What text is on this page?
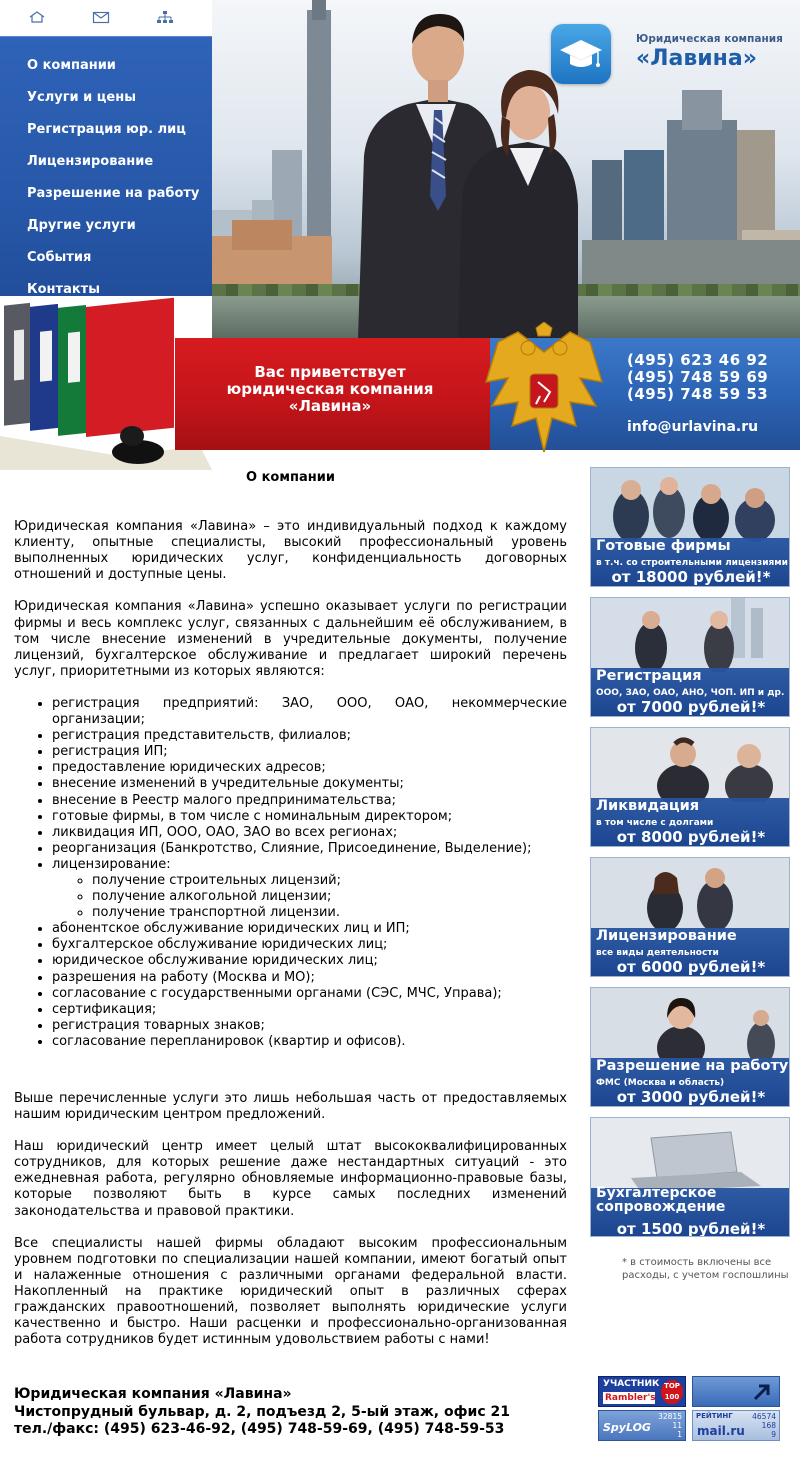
О компании
Услуги и цены
Регистрация юр. лиц
Лицензирование
Разрешение на работу
Другие услуги
События
Контакты
Юридическая компания
«Лавина»
Вас приветствует
юридическая компания
«Лавина»
(495) 623 46 92
(495) 748 59 69
(495) 748 59 53
info@urlavina.ru
О компании

Юридическая компания «Лавина» – это индивидуальный подход к каждому клиенту, опытные специалисты, высокий профессиональный уровень выполненных юридических услуг, конфиденциальность договорных отношений и доступные цены.

Юридическая компания «Лавина» успешно оказывает услуги по регистрации фирмы и весь комплекс услуг, связанных с дальнейшим её обслуживанием, в том числе внесение изменений в учредительные документы, получение лицензий, бухгалтерское обслуживание и предлагает широкий перечень услуг, приоритетными из которых являются:

• регистрация предприятий: ЗАО, ООО, ОАО, некоммерческие организации;
• регистрация представительств, филиалов;
• регистрация ИП;
• предоставление юридических адресов;
• внесение изменений в учредительные документы;
• внесение в Реестр малого предпринимательства;
• готовые фирмы, в том числе с номинальным директором;
• ликвидация ИП, ООО, ОАО, ЗАО во всех регионах;
• реорганизация (Банкротство, Слияние, Присоединение, Выделение);
• лицензирование:
◦ получение строительных лицензий;
◦ получение алкогольной лицензии;
◦ получение транспортной лицензии.
• абонентское обслуживание юридических лиц и ИП;
• бухгалтерское обслуживание юридических лиц;
• юридическое обслуживание юридических лиц;
• разрешения на работу (Москва и МО);
• согласование с государственными органами (СЭС, МЧС, Управа);
• сертификация;
• регистрация товарных знаков;
• согласование перепланировок (квартир и офисов).

Выше перечисленные услуги это лишь небольшая часть от предоставляемых нашим юридическим центром предложений.

Наш юридический центр имеет целый штат высококвалифицированных сотрудников, для которых решение даже нестандартных ситуаций - это ежедневная работа, регулярно обновляемые информационно-правовые базы, которые позволяют быть в курсе самых последних изменений законодательства и правовой практики.

Все специалисты нашей фирмы обладают высоким профессиональным уровнем подготовки по специализации нашей компании, имеют богатый опыт и налаженные отношения с различными органами федеральной власти. Накопленный на практике юридический опыт в различных сферах гражданских правоотношений, позволяет выполнять юридические услуги качественно и быстро. Наши расценки и профессионально-организованная работа сотрудников будет истинным удовольствием работы с нами!

Готовые фирмы
в т.ч. со строительными лицензиями
от 18000 рублей!*
Регистрация
ООО, ЗАО, ОАО, АНО, ЧОП. ИП и др.
от 7000 рублей!*
Ликвидация
в том числе с долгами
от 8000 рублей!*
Лицензирование
все виды деятельности
от 6000 рублей!*
Разрешение на работу
ФМС (Москва и область)
от 3000 рублей!*
Бухгалтерское сопровождение
от 1500 рублей!*
* в стоимость включены все расходы, с учетом госпошлины
Юридическая компания «Лавина»
Чистопрудный бульвар, д. 2, подъезд 2, 5-ый этаж, офис 21
тел./факс: (495) 623-46-92, (495) 748-59-69, (495) 748-59-53
УЧАСТНИК
Rambler's
TOP
100
SpyLOG
32815
11
1
РЕЙТИНГ
mail.ru
46574
168
9
